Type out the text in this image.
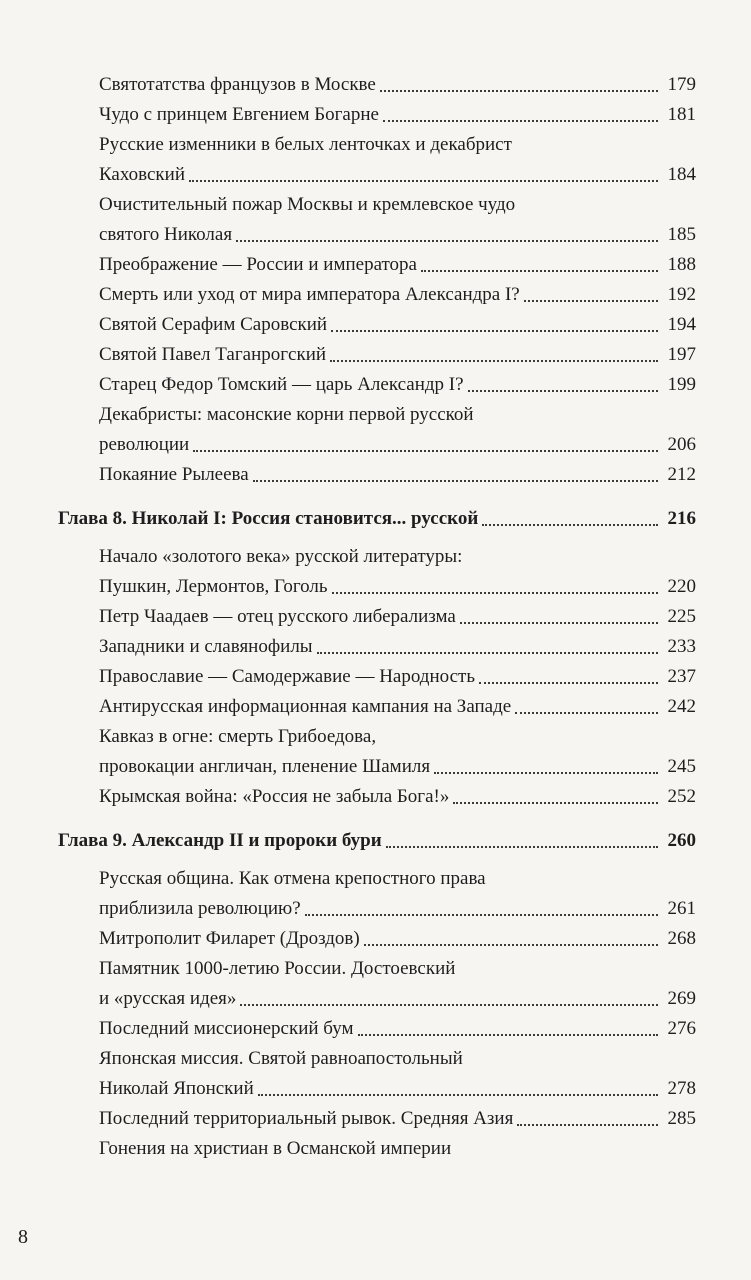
Святотатства французов в Москве	179
Чудо с принцем Евгением Богарне	181
Русские изменники в белых ленточках и декабрист
Каховский	184
Очистительный пожар Москвы и кремлевское чудо
святого Николая	185
Преображение — России и императора	188
Смерть или уход от мира императора Александра I?	192
Святой Серафим Саровский	194
Святой Павел Таганрогский	197
Старец Федор Томский — царь Александр I?	199
Декабристы: масонские корни первой русской
революции	206
Покаяние Рылеева	212
Глава 8. Николай I: Россия становится... русской	216
Начало «золотого века» русской литературы:
Пушкин, Лермонтов, Гоголь	220
Петр Чаадаев — отец русского либерализма	225
Западники и славянофилы	233
Православие — Самодержавие — Народность	237
Антирусская информационная кампания на Западе	242
Кавказ в огне: смерть Грибоедова,
провокации англичан, пленение Шамиля	245
Крымская война: «Россия не забыла Бога!»	252
Глава 9. Александр II и пророки бури	260
Русская община. Как отмена крепостного права
приблизила революцию?	261
Митрополит Филарет (Дроздов)	268
Памятник 1000-летию России. Достоевский
и «русская идея»	269
Последний миссионерский бум	276
Японская миссия. Святой равноапостольный
Николай Японский	278
Последний территориальный рывок. Средняя Азия	285
Гонения на христиан в Османской империи
8
